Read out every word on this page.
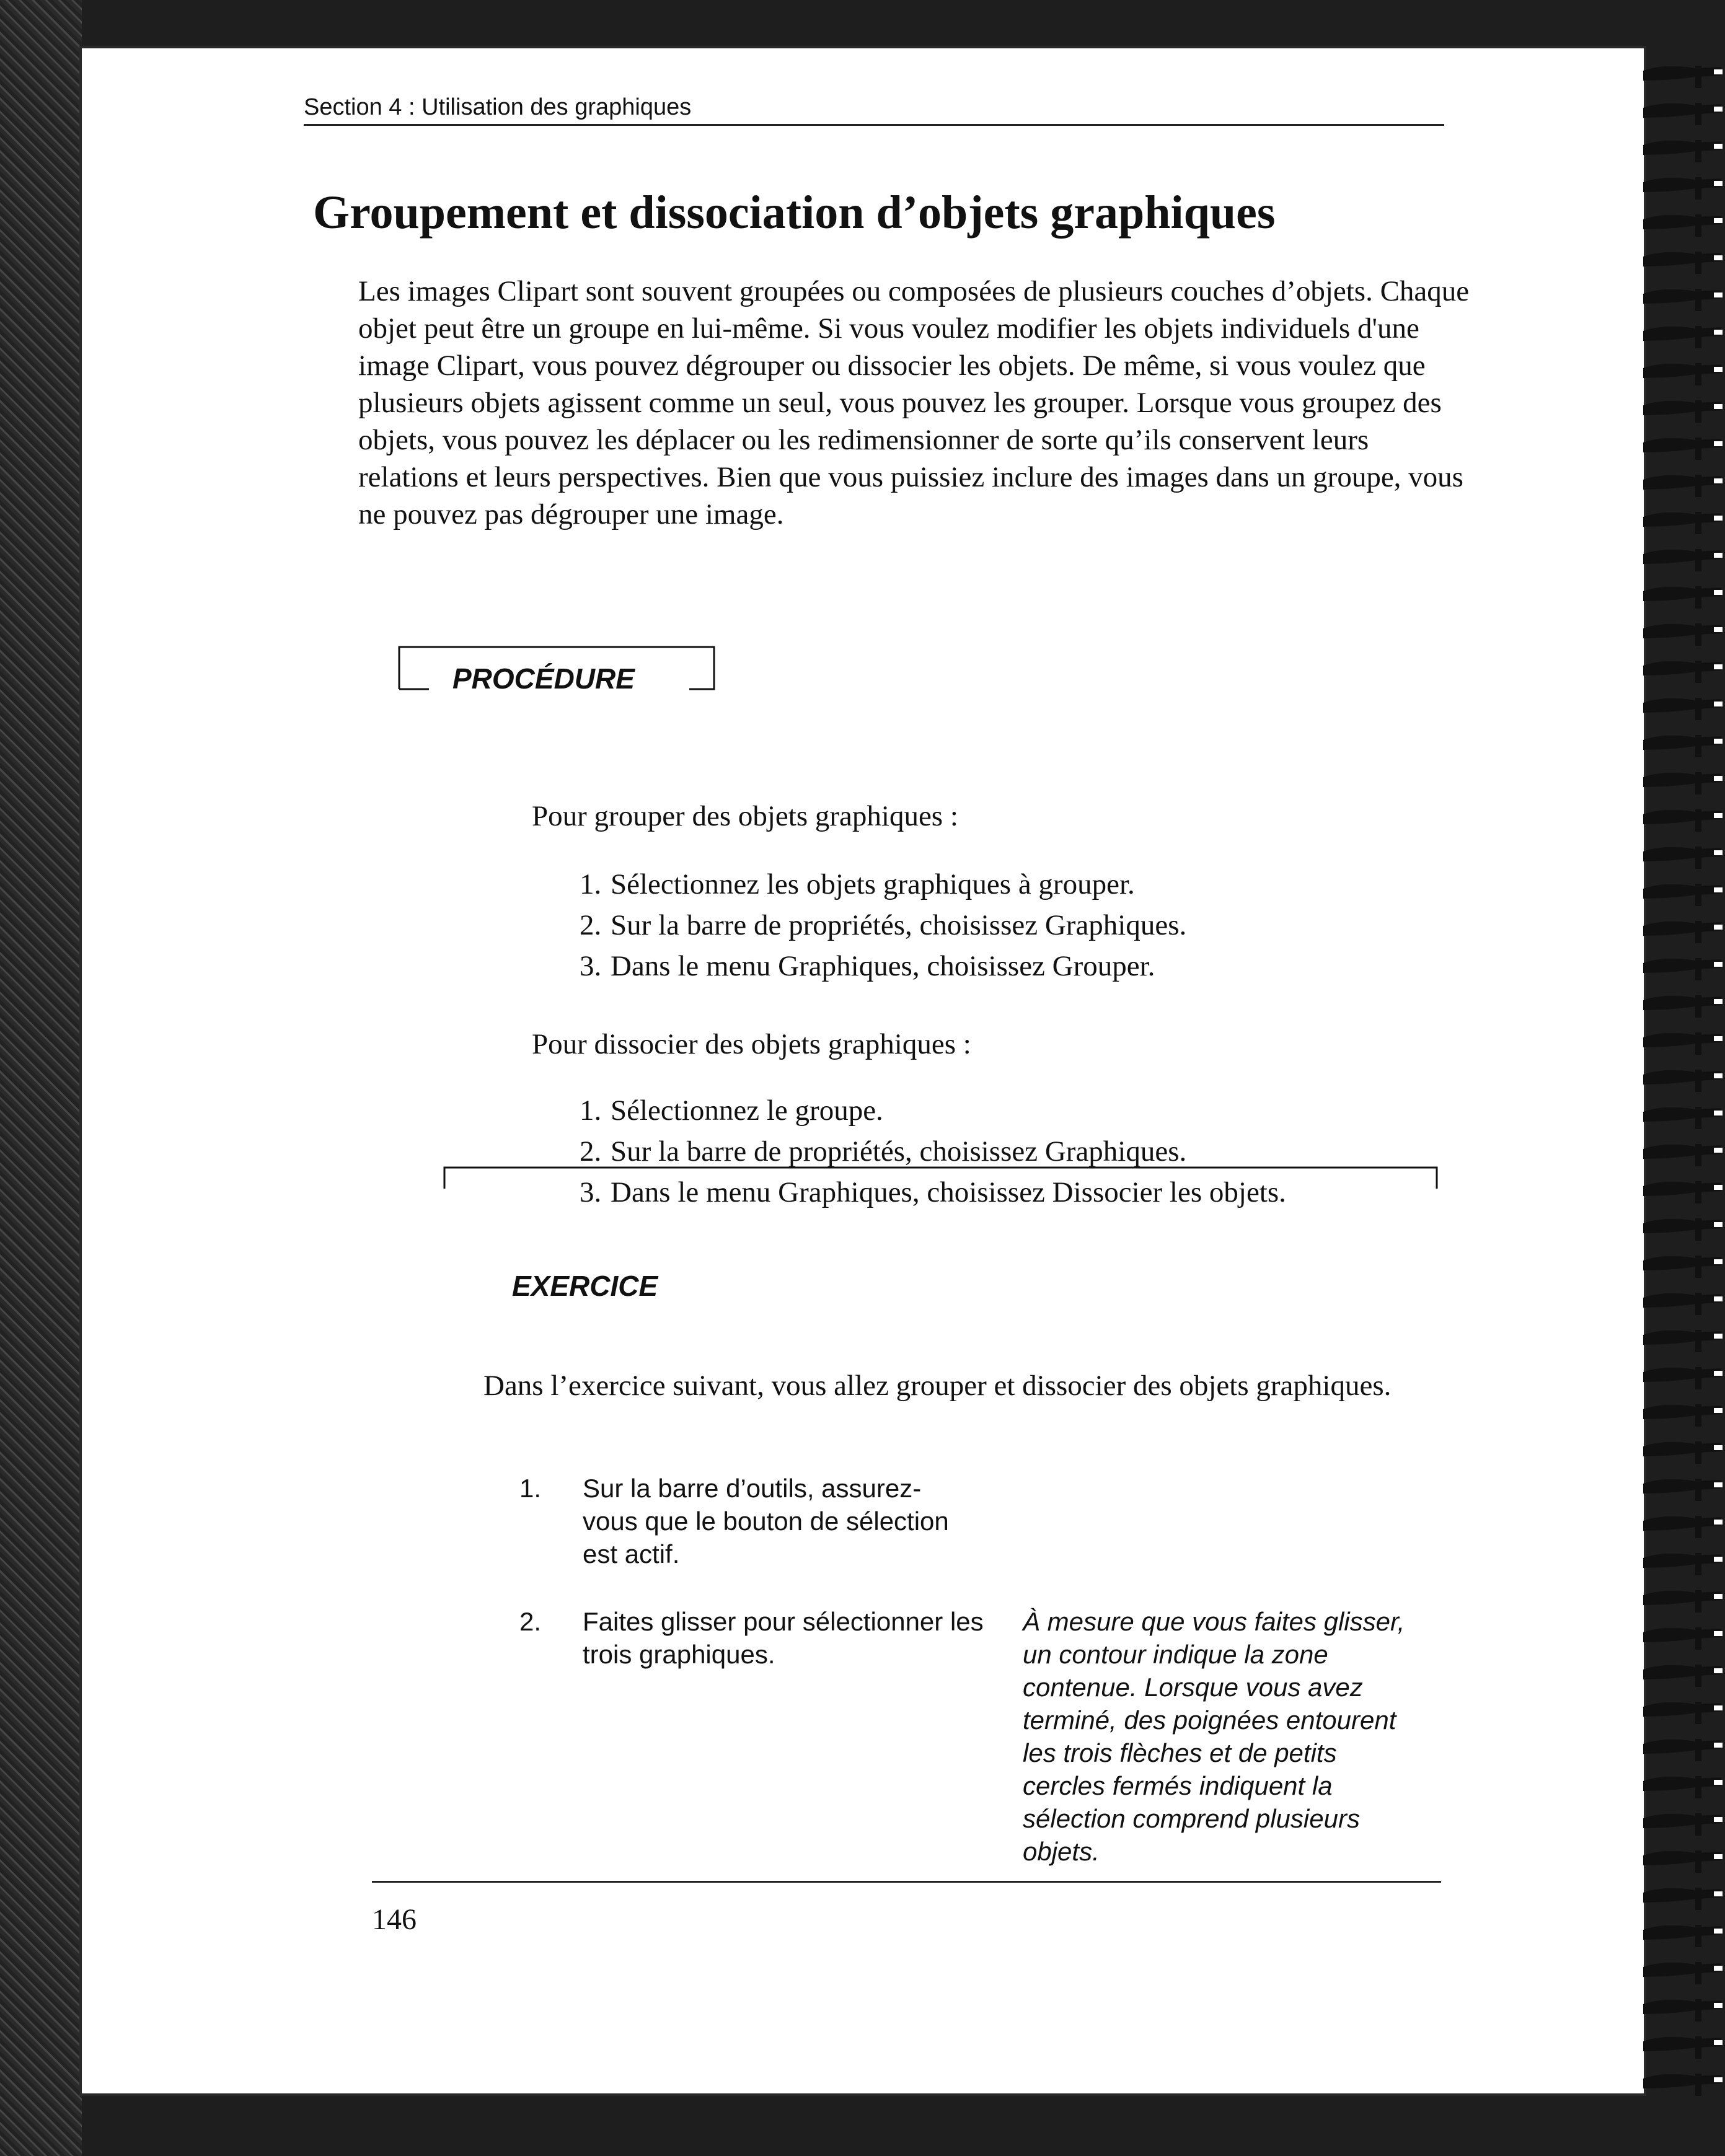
Section 4 : Utilisation des graphiques
Groupement et dissociation d’objets graphiques

Les images Clipart sont souvent groupées ou composées de plusieurs couches d’objets. Chaque objet peut être un groupe en lui-même. Si vous voulez modifier les objets individuels d'une image Clipart, vous pouvez dégrouper ou dissocier les objets. De même, si vous voulez que plusieurs objets agissent comme un seul, vous pouvez les grouper. Lorsque vous groupez des objets, vous pouvez les déplacer ou les redimensionner de sorte qu’ils conservent leurs relations et leurs perspectives. Bien que vous puissiez inclure des images dans un groupe, vous ne pouvez pas dégrouper une image.

PROCÉDURE
Pour grouper des objets graphiques :
1. Sélectionnez les objets graphiques à grouper.
2. Sur la barre de propriétés, choisissez Graphiques.
3. Dans le menu Graphiques, choisissez Grouper.
Pour dissocier des objets graphiques :
1. Sélectionnez le groupe.
2. Sur la barre de propriétés, choisissez Graphiques.
3. Dans le menu Graphiques, choisissez Dissocier les objets.
EXERCICE

Dans l’exercice suivant, vous allez grouper et dissocier des objets graphiques.

1. Sur la barre d’outils, assurez-vous que le bouton de sélection est actif.
2. Faites glisser pour sélectionner les trois graphiques.

À mesure que vous faites glisser, un contour indique la zone contenue. Lorsque vous avez terminé, des poignées entourent les trois flèches et de petits cercles fermés indiquent la sélection comprend plusieurs objets.

146
